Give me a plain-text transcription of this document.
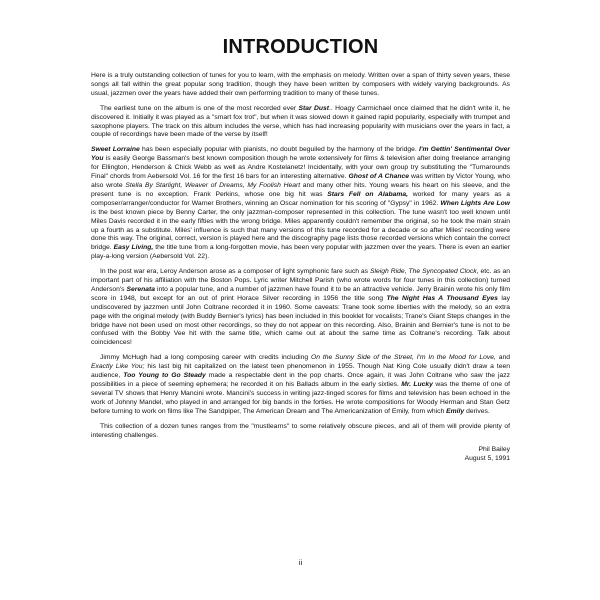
INTRODUCTION

Here is a truly outstanding collection of tunes for you to learn, with the emphasis on melody. Written over a span of thirty seven years, these songs all fall within the great popular song tradition, though they have been written by composers with widely varying backgrounds. As usual, jazzmen over the years have added their own performing tradition to many of these tunes.

The earliest tune on the album is one of the most recorded ever Star Dust.. Hoagy Carmichael once claimed that he didn't write it, he discovered it. Initially it was played as a "smart fox trot", but when it was slowed down it gained rapid popularity, especially with trumpet and saxophone players. The track on this album includes the verse, which has had increasing popularity with musicians over the years in fact, a couple of recordings have been made of the verse by itself!

Sweet Lorraine has been especially popular with pianists, no doubt beguiled by the harmony of the bridge. I'm Gettin' Sentimental Over You is easily George Bassman's best known composition though he wrote extensively for films & television after doing freelance arranging for Ellington, Henderson & Chick Webb as well as Andre Kostelanetz! Incidentally, with your own group try substituting the "Turnarounds Final" chords from Aebersold Vol. 16 for the first 16 bars for an interesting alternative. Ghost of A Chance was written by Victor Young, who also wrote Stella By Starlight, Weaver of Dreams, My Foolish Heart and many other hits. Young wears his heart on his sleeve, and the present tune is no exception. Frank Perkins, whose one big hit was Stars Fell on Alabama, worked for many years as a composer/arranger/conductor for Warner Brothers, winning an Oscar nomination for his scoring of "Gypsy" in 1962. When Lights Are Low is the best known piece by Benny Carter, the only jazzman-composer represented in this collection. The tune wasn't too well known until Miles Davis recorded it in the early fifties with the wrong bridge. Miles apparently couldn't remember the original, so he took the main strain up a fourth as a substitute. Miles' influence is such that many versions of this tune recorded for a decade or so after Miles' recording were done this way. The original, correct, version is played here and the discography page lists those recorded versions which contain the correct bridge. Easy Living, the title tune from a long-forgotten movie, has been very popular with jazzmen over the years. There is even an earlier play-a-long version (Aebersold Vol. 22).

In the post war era, Leroy Anderson arose as a composer of light symphonic fare such as Sleigh Ride, The Syncopated Clock, etc. as an important part of his affiliation with the Boston Pops. Lyric writer Mitchell Parish (who wrote words for four tunes in this collection) turned Anderson's Serenata into a popular tune, and a number of jazzmen have found it to be an attractive vehicle. Jerry Brainin wrote his only film score in 1948, but except for an out of print Horace Silver recording in 1956 the title song The Night Has A Thousand Eyes lay undiscovered by jazzmen until John Coltrane recorded it in 1960. Some caveats: Trane took some liberties with the melody, so an extra page with the original melody (with Buddy Bernier's lyrics) has been included in this booklet for vocalists; Trane's Giant Steps changes in the bridge have not been used on most other recordings, so they do not appear on this recording. Also, Brainin and Bernier's tune is not to be confused with the Bobby Vee hit with the same title, which came out at about the same time as Coltrane's recording. Talk about coincidences!

Jimmy McHugh had a long composing career with credits including On the Sunny Side of the Street, I'm In the Mood for Love, and Exactly Like You; his last big hit capitalized on the latest teen phenomenon in 1955. Though Nat King Cole usually didn't draw a teen audience, Too Young to Go Steady made a respectable dent in the pop charts. Once again, it was John Coltrane who saw the jazz possibilities in a piece of seeming ephemera; he recorded it on his Ballads album in the early sixties. Mr. Lucky was the theme of one of several TV shows that Henry Mancini wrote. Mancini's success in writing jazz-tinged scores for films and television has been echoed in the work of Johnny Mandel, who played in and arranged for big bands in the forties. He wrote compositions for Woody Herman and Stan Getz before turning to work on films like The Sandpiper, The American Dream and The Americanization of Emily, from which Emily derives.

This collection of a dozen tunes ranges from the "mustlearns" to some relatively obscure pieces, and all of them will provide plenty of interesting challenges.

Phil Bailey
August 5, 1991
ii
